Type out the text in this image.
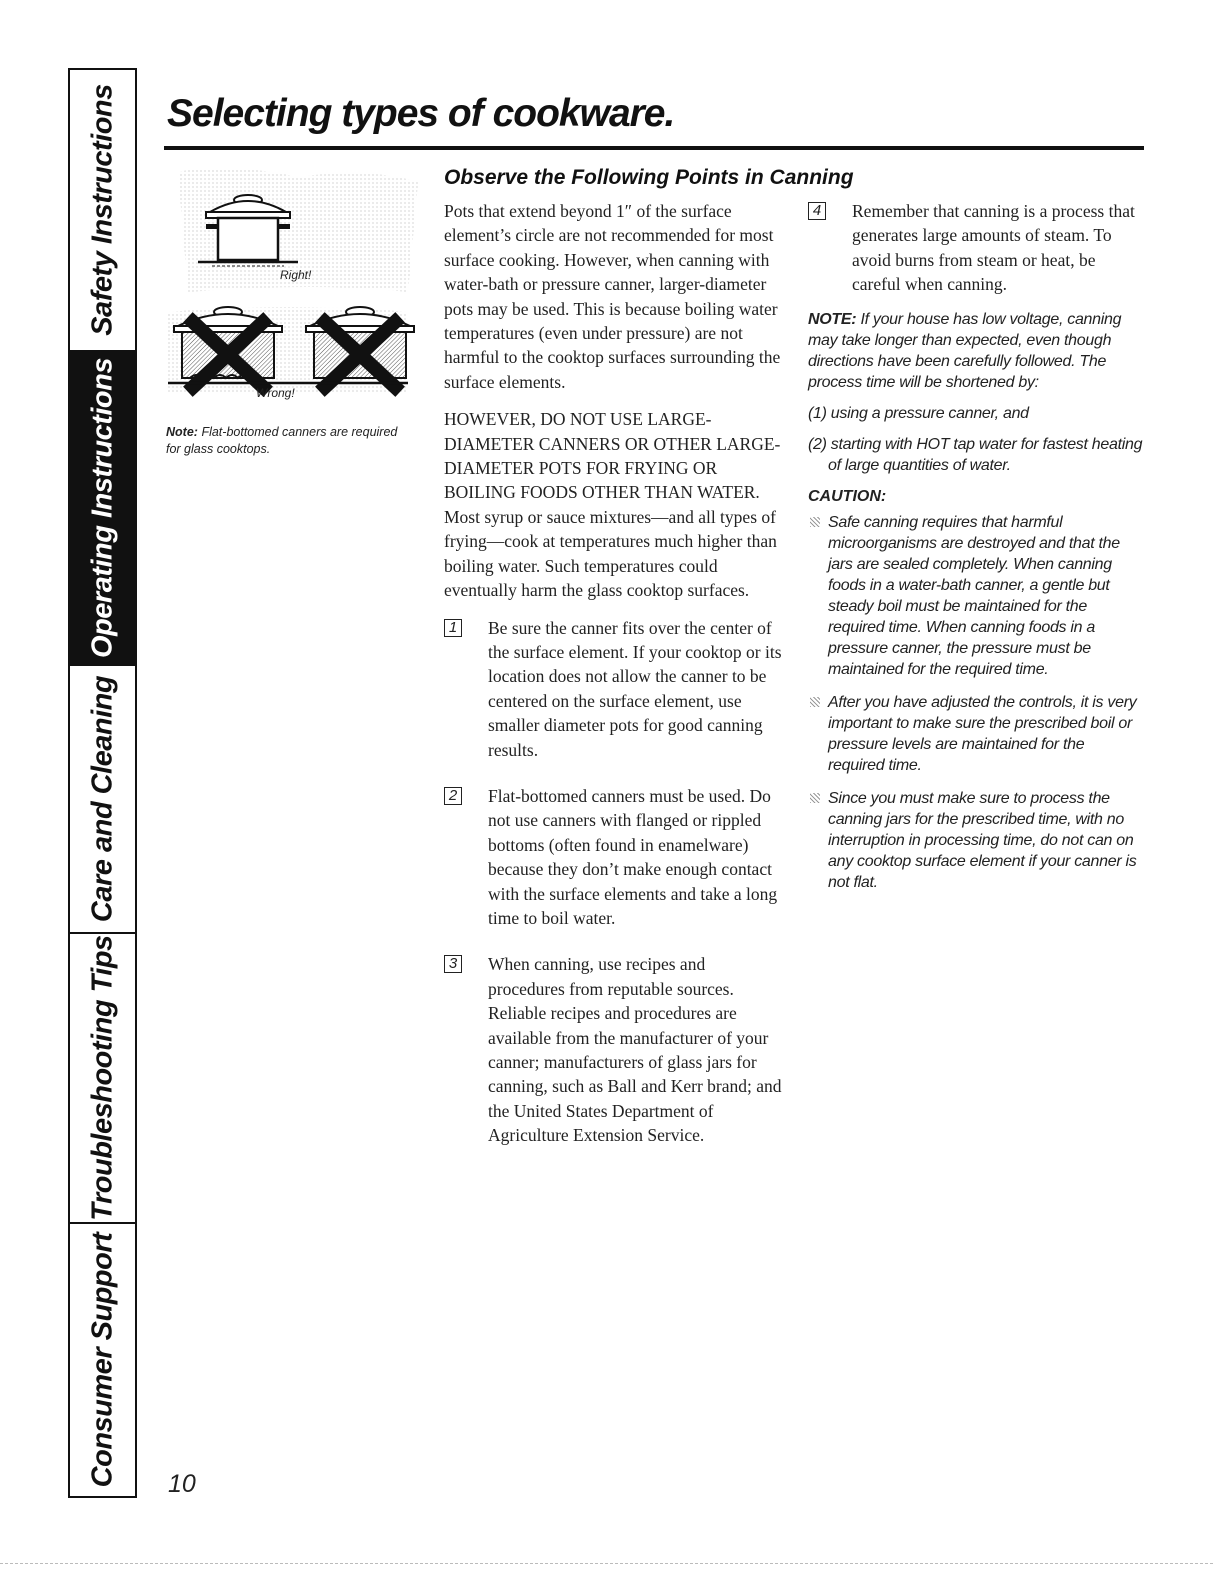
Safety Instructions
Operating Instructions
Care and Cleaning
Troubleshooting Tips
Consumer Support
Selecting types of cookware.
Right!
Wrong!
Note: Flat-bottomed canners are required for glass cooktops.
Observe the Following Points in Canning

Pots that extend beyond 1″ of the surface element’s circle are not recommended for most surface cooking. However, when canning with water-bath or pressure canner, larger-diameter pots may be used. This is because boiling water temperatures (even under pressure) are not harmful to the cooktop surfaces surrounding the surface elements.

HOWEVER, DO NOT USE LARGE-DIAMETER CANNERS OR OTHER LARGE-DIAMETER POTS FOR FRYING OR BOILING FOODS OTHER THAN WATER. Most syrup or sauce mixtures—and all types of frying—cook at temperatures much higher than boiling water. Such temperatures could eventually harm the glass cooktop surfaces.

1 Be sure the canner fits over the center of the surface element. If your cooktop or its location does not allow the canner to be centered on the surface element, use smaller diameter pots for good canning results.
2 Flat-bottomed canners must be used. Do not use canners with flanged or rippled bottoms (often found in enamelware) because they don’t make enough contact with the surface elements and take a long time to boil water.
3 When canning, use recipes and procedures from reputable sources. Reliable recipes and procedures are available from the manufacturer of your canner; manufacturers of glass jars for canning, such as Ball and Kerr brand; and the United States Department of Agriculture Extension Service.
4 Remember that canning is a process that generates large amounts of steam. To avoid burns from steam or heat, be careful when canning.
NOTE: If your house has low voltage, canning may take longer than expected, even though directions have been carefully followed. The process time will be shortened by:
(1) using a pressure canner, and
(2) starting with HOT tap water for fastest heating of large quantities of water.
CAUTION:
Safe canning requires that harmful microorganisms are destroyed and that the jars are sealed completely. When canning foods in a water-bath canner, a gentle but steady boil must be maintained for the required time. When canning foods in a pressure canner, the pressure must be maintained for the required time.
After you have adjusted the controls, it is very important to make sure the prescribed boil or pressure levels are maintained for the required time.
Since you must make sure to process the canning jars for the prescribed time, with no interruption in processing time, do not can on any cooktop surface element if your canner is not flat.
10
